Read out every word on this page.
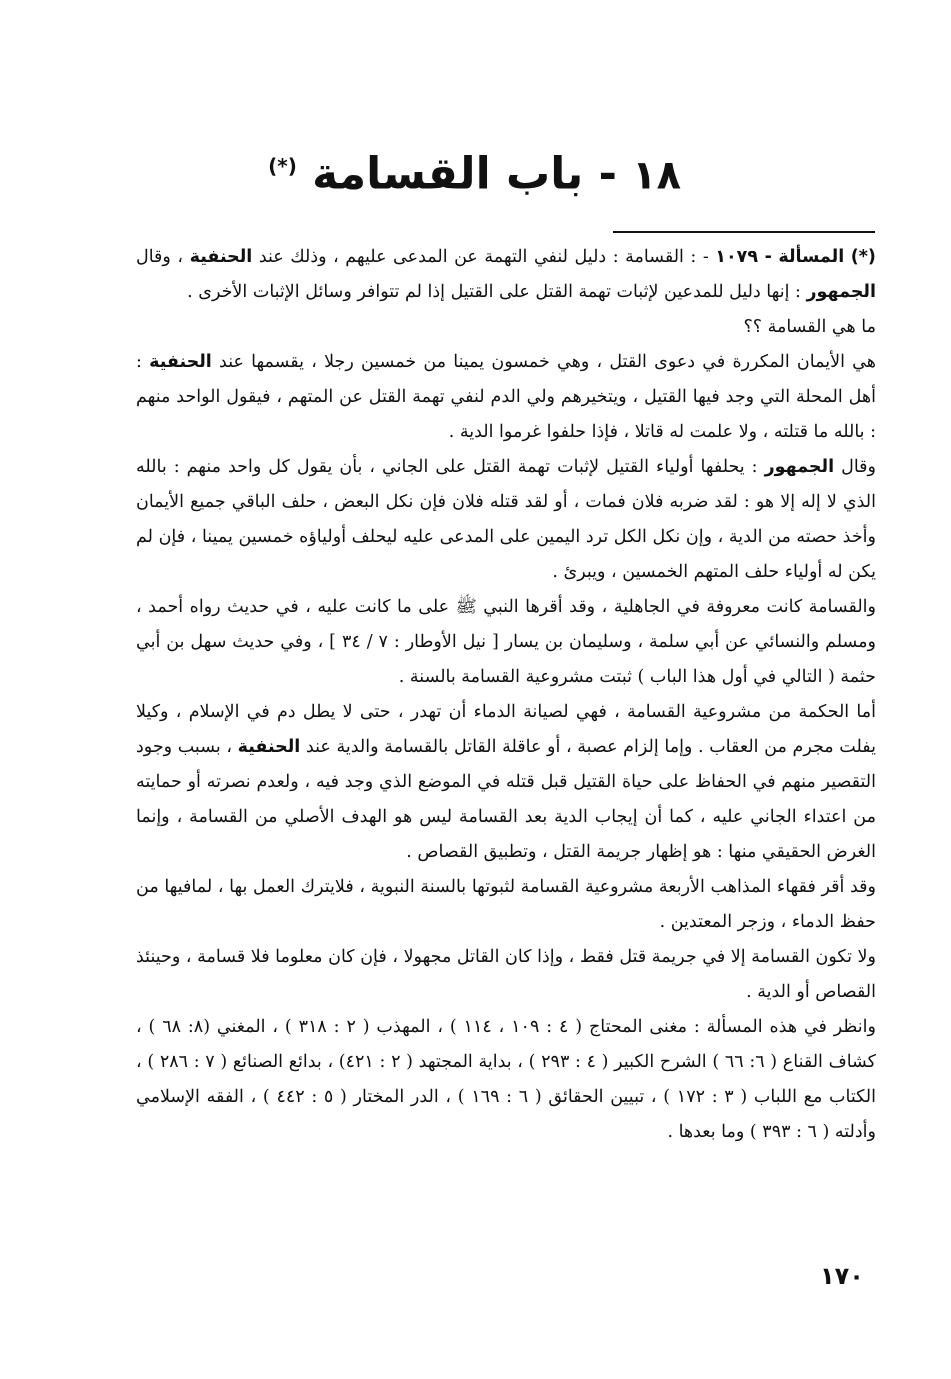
١٨ - باب القسامة (*)

(*) المسألة - ١٠٧٩ - : القسامة : دليل لنفي التهمة عن المدعى عليهم ، وذلك عند الحنفية ، وقال الجمهور : إنها دليل للمدعين لإثبات تهمة القتل على القتيل إذا لم تتوافر وسائل الإثبات الأخرى .

ما هي القسامة ؟؟

هي الأيمان المكررة في دعوى القتل ، وهي خمسون يمينا من خمسين رجلا ، يقسمها عند الحنفية : أهل المحلة التي وجد فيها القتيل ، ويتخيرهم ولي الدم لنفي تهمة القتل عن المتهم ، فيقول الواحد منهم : بالله ما قتلته ، ولا علمت له قاتلا ، فإذا حلفوا غرموا الدية .

وقال الجمهور : يحلفها أولياء القتيل لإثبات تهمة القتل على الجاني ، بأن يقول كل واحد منهم : بالله الذي لا إله إلا هو : لقد ضربه فلان فمات ، أو لقد قتله فلان فإن نكل البعض ، حلف الباقي جميع الأيمان وأخذ حصته من الدية ، وإن نكل الكل ترد اليمين على المدعى عليه ليحلف أولياؤه خمسين يمينا ، فإن لم يكن له أولياء حلف المتهم الخمسين ، ويبرئ .

والقسامة كانت معروفة في الجاهلية ، وقد أقرها النبي ﷺ على ما كانت عليه ، في حديث رواه أحمد ، ومسلم والنسائي عن أبي سلمة ، وسليمان بن يسار [ نيل الأوطار : ٧ / ٣٤ ] ، وفي حديث سهل بن أبي حثمة ( التالي في أول هذا الباب ) ثبتت مشروعية القسامة بالسنة .

أما الحكمة من مشروعية القسامة ، فهي لصيانة الدماء أن تهدر ، حتى لا يطل دم في الإسلام ، وكيلا يفلت مجرم من العقاب . وإما إلزام عصبة ، أو عاقلة القاتل بالقسامة والدية عند الحنفية ، بسبب وجود التقصير منهم في الحفاظ على حياة القتيل قبل قتله في الموضع الذي وجد فيه ، ولعدم نصرته أو حمايته من اعتداء الجاني عليه ، كما أن إيجاب الدية بعد القسامة ليس هو الهدف الأصلي من القسامة ، وإنما الغرض الحقيقي منها : هو إظهار جريمة القتل ، وتطبيق القصاص .

وقد أقر فقهاء المذاهب الأربعة مشروعية القسامة لثبوتها بالسنة النبوية ، فلايترك العمل بها ، لمافيها من حفظ الدماء ، وزجر المعتدين .

ولا تكون القسامة إلا في جريمة قتل فقط ، وإذا كان القاتل مجهولا ، فإن كان معلوما فلا قسامة ، وحينئذ القصاص أو الدية .

وانظر في هذه المسألة : مغنى المحتاج ( ٤ : ١٠٩ ، ١١٤ ) ، المهذب ( ٢ : ٣١٨ ) ، المغني (٨: ٦٨ ) ، كشاف القناع ( ٦: ٦٦ ) الشرح الكبير ( ٤ : ٢٩٣ ) ، بداية المجتهد ( ٢ : ٤٢١) ، بدائع الصنائع ( ٧ : ٢٨٦ ) ، الكتاب مع اللباب ( ٣ : ١٧٢ ) ، تبيين الحقائق ( ٦ : ١٦٩ ) ، الدر المختار ( ٥ : ٤٤٢ ) ، الفقه الإسلامي وأدلته ( ٦ : ٣٩٣ ) وما بعدها .

١٧٠
